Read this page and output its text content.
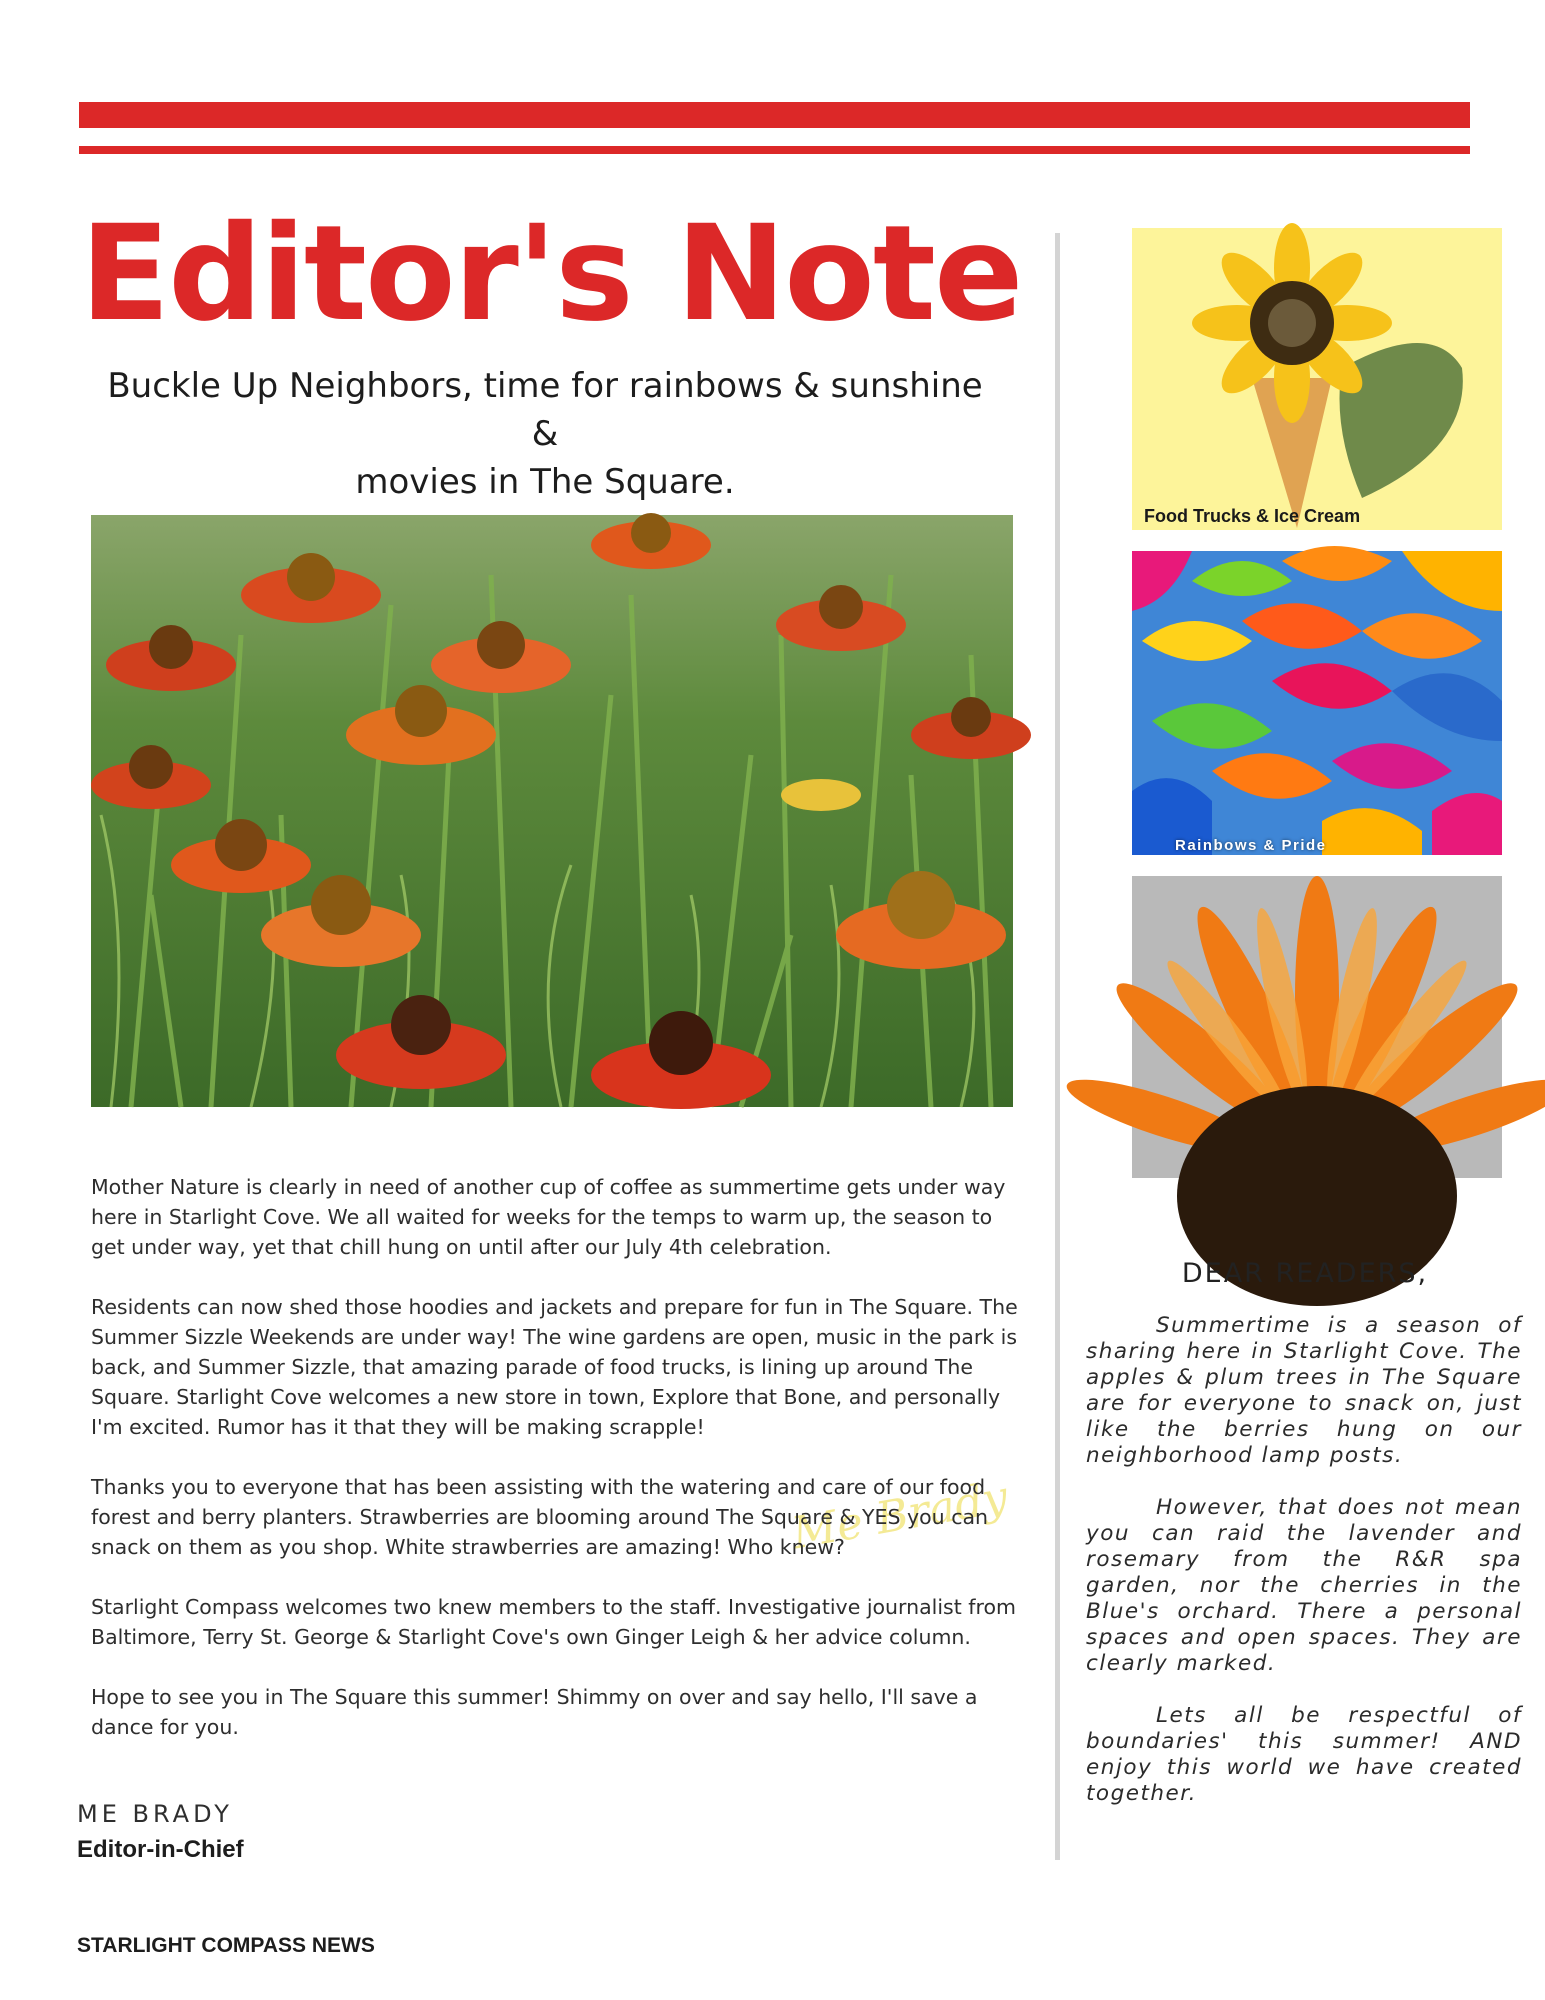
Editor's Note
Buckle Up Neighbors, time for rainbows & sunshine &
movies in The Square.
Me Brady

Mother Nature is clearly in need of another cup of coffee as summertime gets under way here in Starlight Cove. We all waited for weeks for the temps to warm up, the season to get under way, yet that chill hung on until after our July 4th celebration.

Residents can now shed those hoodies and jackets and prepare for fun in The Square. The Summer Sizzle Weekends are under way! The wine gardens are open, music in the park is back, and Summer Sizzle, that amazing parade of food trucks, is lining up around The Square. Starlight Cove welcomes a new store in town, Explore that Bone, and personally I'm excited. Rumor has it that they will be making scrapple!

Thanks you to everyone that has been assisting with the watering and care of our food forest and berry planters. Strawberries are blooming around The Square & YES you can snack on them as you shop. White strawberries are amazing! Who knew?

Starlight Compass welcomes two knew members to the staff. Investigative journalist from Baltimore, Terry St. George & Starlight Cove's own Ginger Leigh & her advice column.

Hope to see you in The Square this summer! Shimmy on over and say hello, I'll save a dance for you.

ME BRADY
Editor-in-Chief
STARLIGHT COMPASS NEWS
Food Trucks & Ice Cream
Rainbows & Pride
DEAR READERS,

Summertime is a season of sharing here in Starlight Cove. The apples & plum trees in The Square are for everyone to snack on, just like the berries hung on our neighborhood lamp posts.

However, that does not mean you can raid the lavender and rosemary from the R&R spa garden, nor the cherries in the Blue's orchard. There a personal spaces and open spaces. They are clearly marked.

Lets all be respectful of boundaries' this summer! AND enjoy this world we have created together.
